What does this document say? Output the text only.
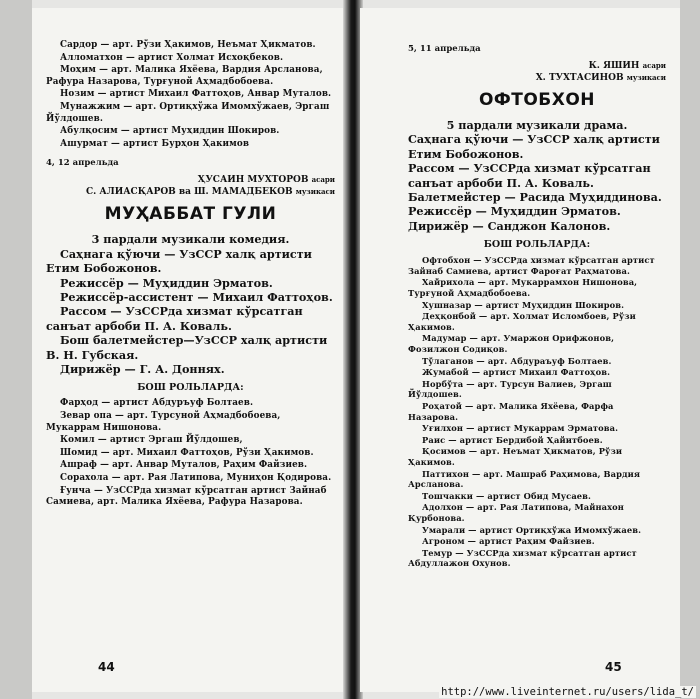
Сардор — арт. Рўзи Ҳакимов, Неъмат Ҳикматов.

Алломатхон — артист Холмат Исхоқбеков.

Моҳим — арт. Малика Яхёева, Вардия Арсланова, Рафура Назарова, Турғуной Аҳмадбобоева.

Нозим — артист Михаил Фаттоҳов, Анвар Муталов.

Мунажжим — арт. Ортиқхўжа Имомхўжаев, Эргаш Йўлдошев.

Абулқосим — артист Муҳиддин Шокиров.

Ашурмат — артист Бурҳон Ҳакимов

4, 12 апрельда
ҲУСАИН МУХТОРОВ асари
С. АЛИАСҚАРОВ ва Ш. МАМАДБЕКОВ музикаси
МУҲАББАТ ГУЛИ

3 пардали музикали комедия.

Саҳнага қўючи — УзССР халқ артисти Етим Бобожонов.

Режиссёр — Муҳиддин Эрматов.

Режиссёр-ассистент — Михаил Фаттоҳов.

Рассом — УзССРда хизмат кўрсатган санъат арбоби П. А. Коваль.

Бош балетмейстер—УзССР халқ артисти В. Н. Губская.

Дирижёр — Г. А. Доннях.

БОШ РОЛЬЛАРДА:

Фарҳод — артист Абдуръуф Болтаев.

Зевар опа — арт. Турсуной Аҳмадбобоева, Мукаррам Нишонова.

Комил — артист Эргаш Йўлдошев,

Шомид — арт. Михаил Фаттоҳов, Рўзи Ҳакимов.

Ашраф — арт. Анвар Муталов, Раҳим Файзиев.

Сорахола — арт. Рая Латипова, Муниҳон Қодирова.

Ғунча — УзССРда хизмат кўрсатган артист Зайнаб Самиева, арт. Малика Яхёева, Рафура Назарова.

44
5, 11 апрельда
К. ЯШИН асари
Х. ТУХТАСИНОВ музикаси
ОФТОБХОН

5 пардали музикали драма.

Саҳнага қўючи — УзССР халқ артисти Етим Бобожонов.

Рассом — УзССРда хизмат кўрсатган санъат арбоби П. А. Коваль.

Балетмейстер — Расида Муҳиддинова.

Режиссёр — Муҳиддин Эрматов.

Дирижёр — Санджон Калонов.

БОШ РОЛЬЛАРДА:

Офтобхон — УзССРда хизмат кўрсатган артист Зайнаб Самиева, артист Фароғат Раҳматова.

Хайрихола — арт. Мукаррамхон Нишонова, Турғуной Аҳмадбобоева.

Хушназар — артист Муҳиддин Шокиров.

Деҳқонбой — арт. Холмат Исломбоев, Рўзи Ҳакимов.

Мадумар — арт. Умаржон Орифжонов, Фозилжон Содиқов.

Тўлаганов — арт. Абдураъуф Болтаев.

Жумабой — артист Михаил Фаттоҳов.

Норбўта — арт. Турсун Валиев, Эргаш Йўлдошев.

Роҳатой — арт. Малика Яхёева, Фарфа Назарова.

Уғилхон — артист Мукаррам Эрматова.

Раис — артист Бердибой Ҳайитбоев.

Қосимов — арт. Неъмат Ҳикматов, Рўзи Ҳакимов.

Паттихон — арт. Машраб Раҳимова, Вардия Арсланова.

Тошчакки — артист Обид Мусаев.

Адолхон — арт. Рая Латипова, Майнахон Қурбонова.

Умарали — артист Ортиқхўжа Имомхўжаев.

Агроном — артист Раҳим Файзиев.

Темур — УзССРда хизмат кўрсатган артист Абдуллажон Охунов.

45
http://www.liveinternet.ru/users/lida_t/
